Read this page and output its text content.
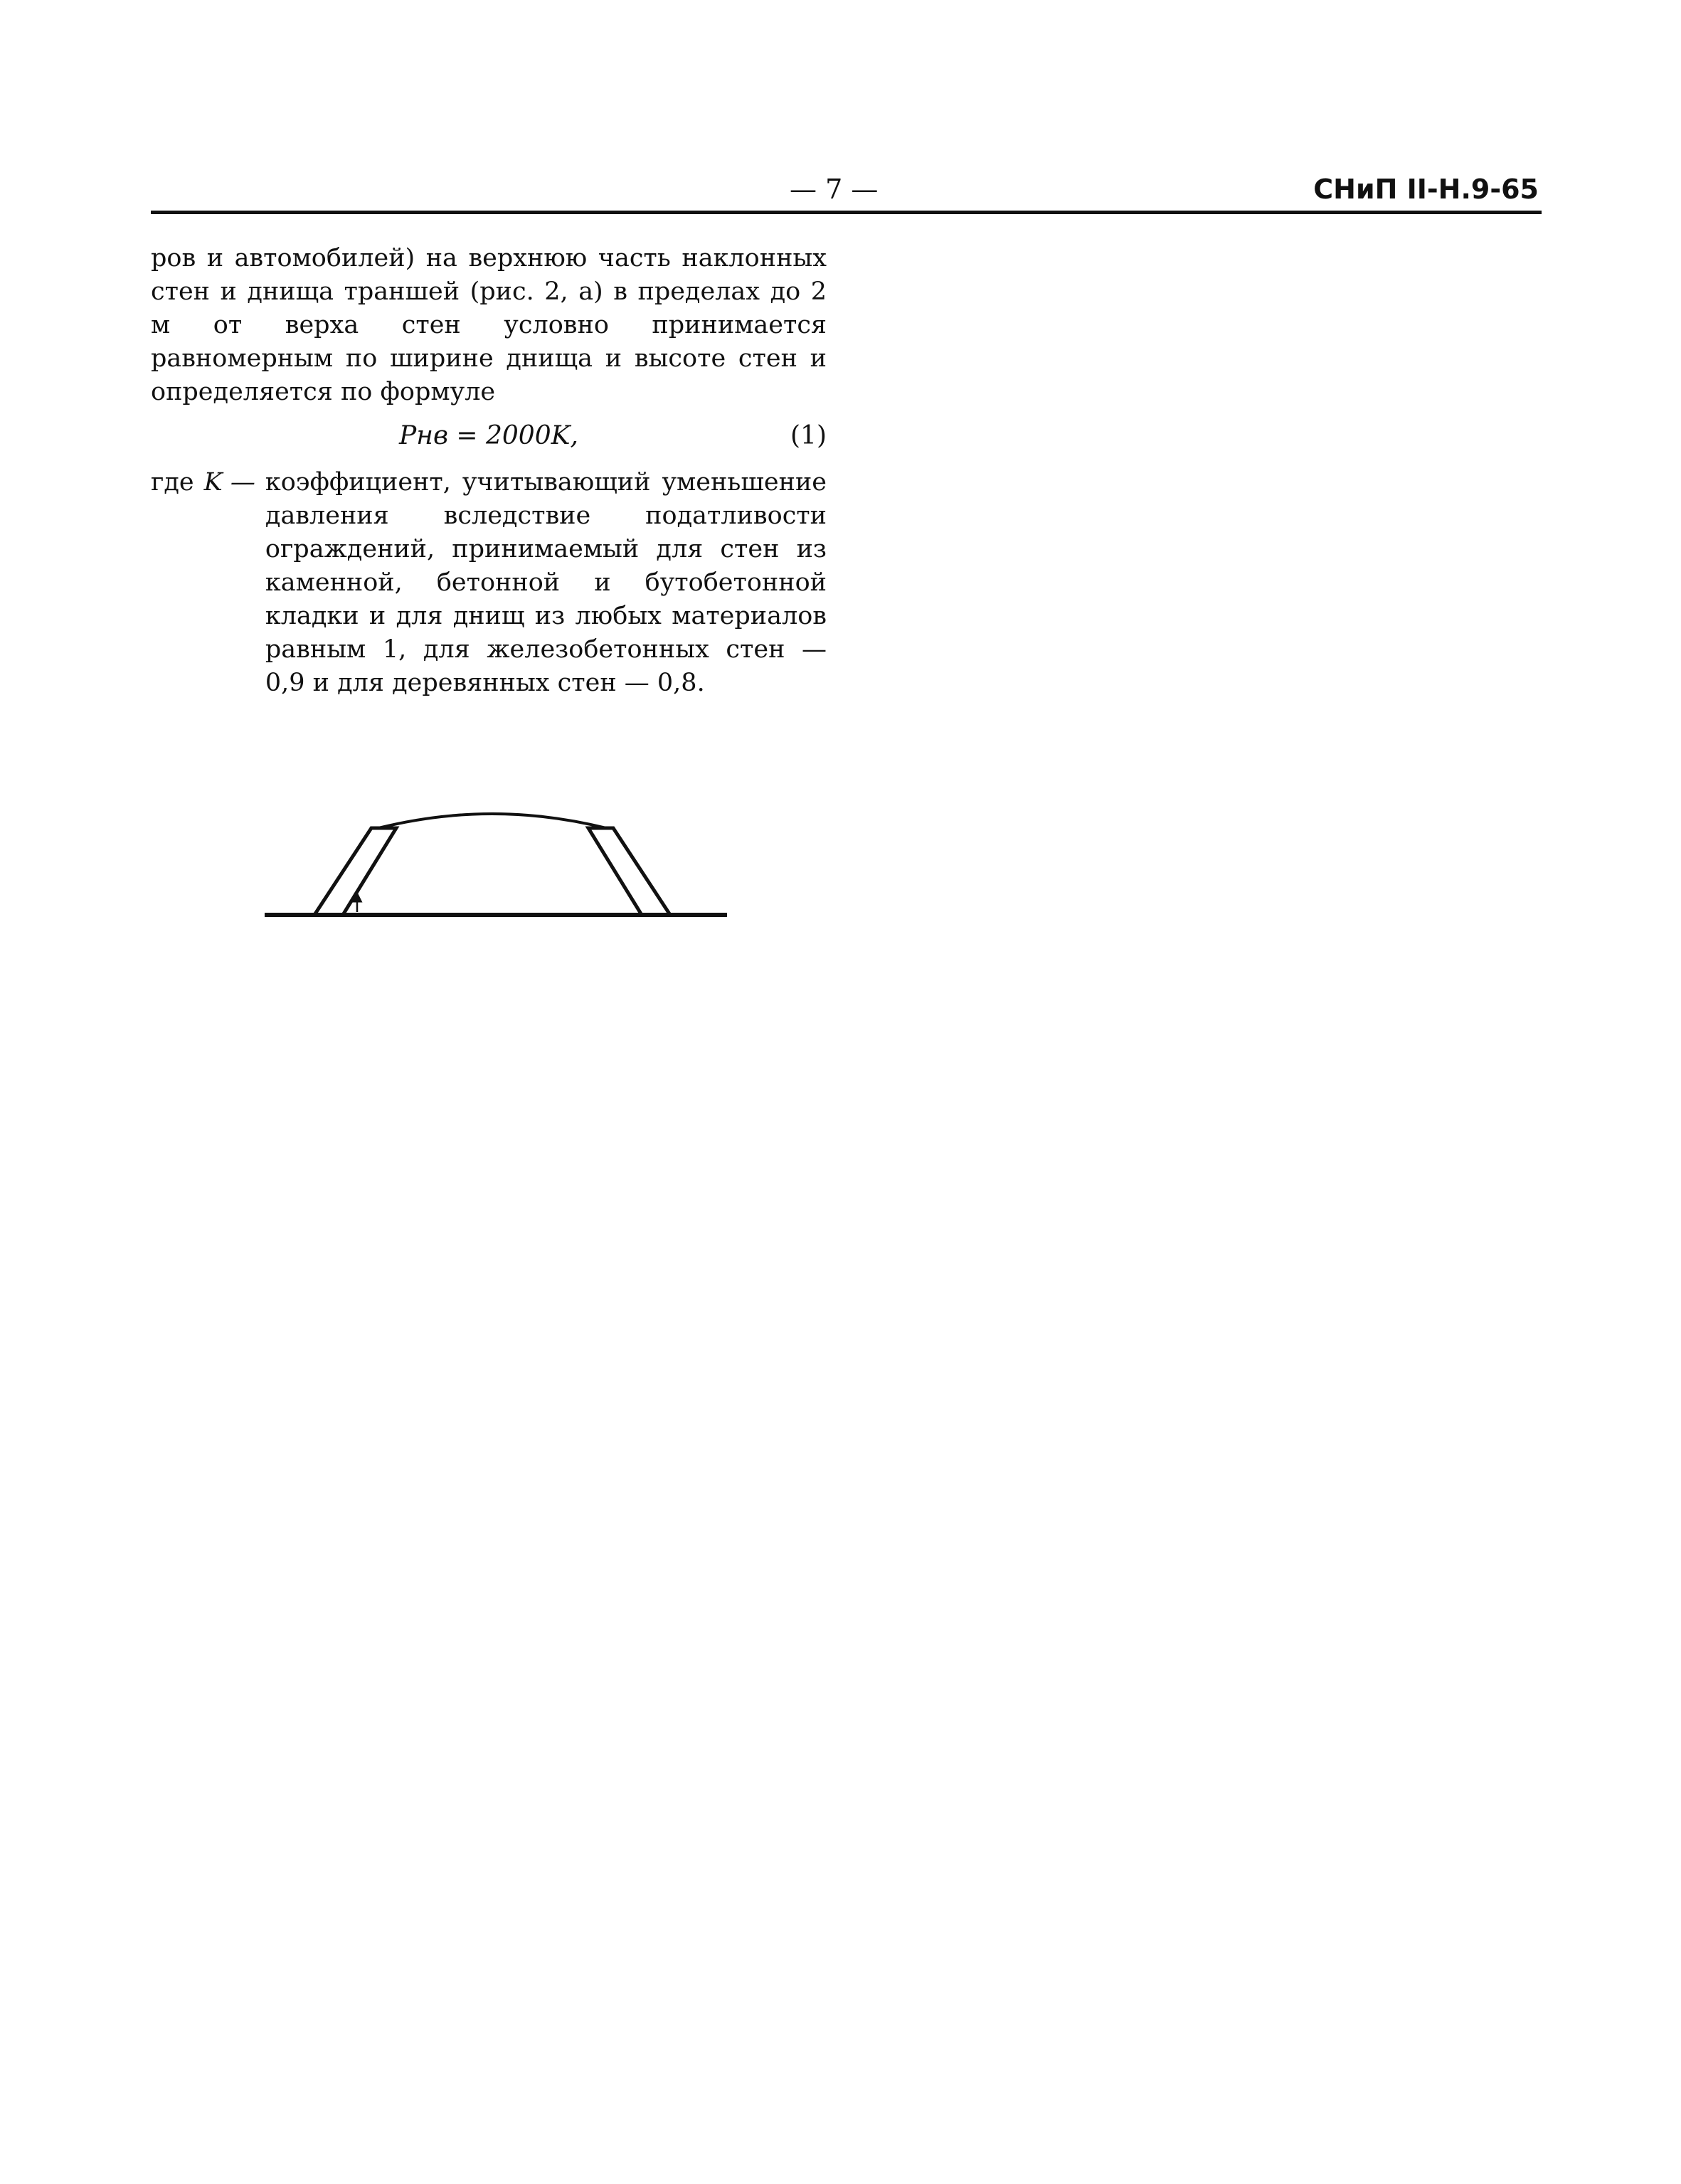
— 7 —	СНиП II-Н.9-65

ров и автомобилей) на верхнюю часть наклонных стен и днища траншей (рис. 2, а) в пределах до 2 м от верха стен условно принимается равномерным по ширине днища и высоте стен и определяется по формуле

Pнв = 2000K,	(1)
где K — коэффициент, учитывающий уменьшение давления вследствие податливости ограждений, принимаемый для стен из каменной, бетонной и бутобетонной кладки и для днищ из любых материалов равным 1, для железобетонных стен — 0,9 и для деревянных стен — 0,8.
